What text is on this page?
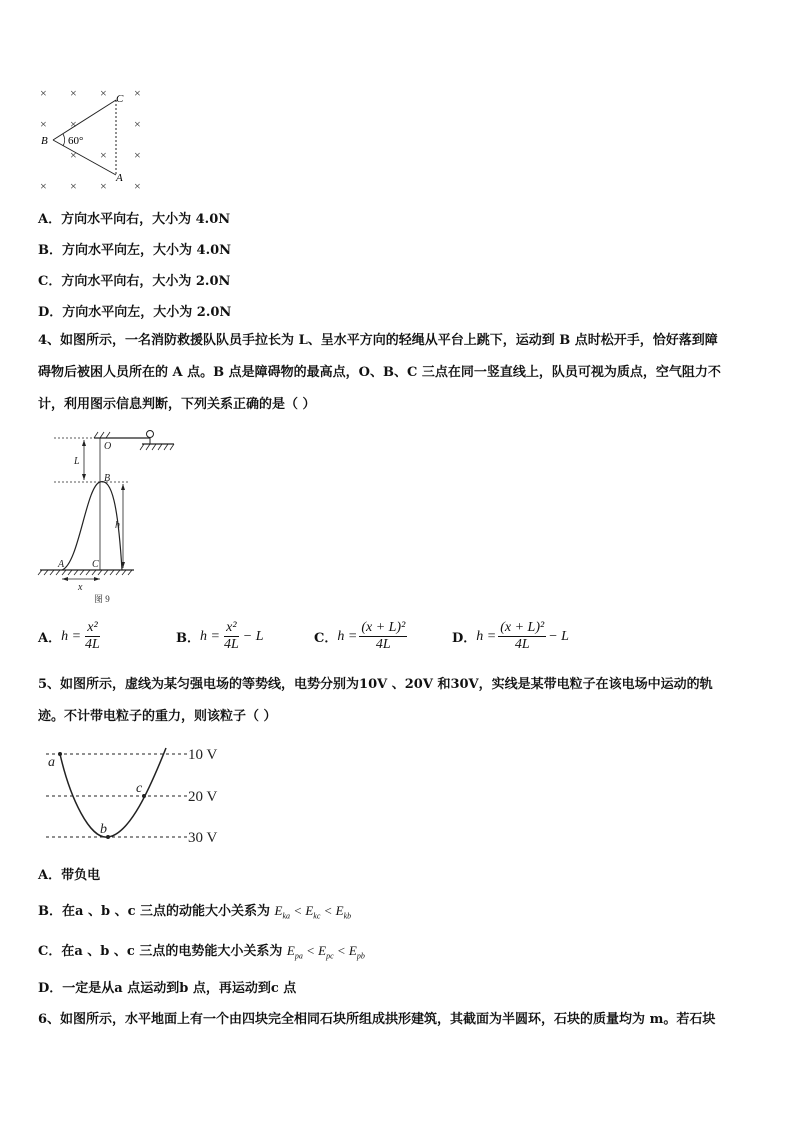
× × × ×
× ×	×
×
× ×
× × × ×
B
C
A
60°
A．方向水平向右，大小为 4.0N
B．方向水平向左，大小为 4.0N
C．方向水平向右，大小为 2.0N
D．方向水平向左，大小为 2.0N
4、如图所示，一名消防救援队队员手拉长为 L、呈水平方向的轻绳从平台上跳下，运动到 B 点时松开手，恰好落到障
碍物后被困人员所在的 A 点。B 点是障碍物的最高点，O、B、C 三点在同一竖直线上，队员可视为质点，空气阻力不
计，利用图示信息判断，下列关系正确的是（ ）
O
L
B
h
A	C
x
图 9
A． $h = \frac{\text{x²}}{4L}$	B． $h = \frac{\text{x²}}{4L} - L$	C． $h = \frac{\text{(x + L)²}}{4L}$	D． $h = \frac{\text{(x + L)²}}{4L} - L$
5、如图所示，虚线为某匀强电场的等势线，电势分别为10V 、20V 和30V，实线是某带电粒子在该电场中运动的轨
迹。不计带电粒子的重力，则该粒子（ ）
10 V
20 V
30 V
a
b
c
A．带负电
B．在a 、b 、c 三点的动能大小关系为 $E_{ka} < E_{kc} < E_{kb}$
C．在a 、b 、c 三点的电势能大小关系为 $E_{pa} < E_{pc} < E_{pb}$
D．一定是从a 点运动到b 点，再运动到c 点
6、如图所示，水平地面上有一个由四块完全相同石块所组成拱形建筑，其截面为半圆环，石块的质量均为 m。若石块
